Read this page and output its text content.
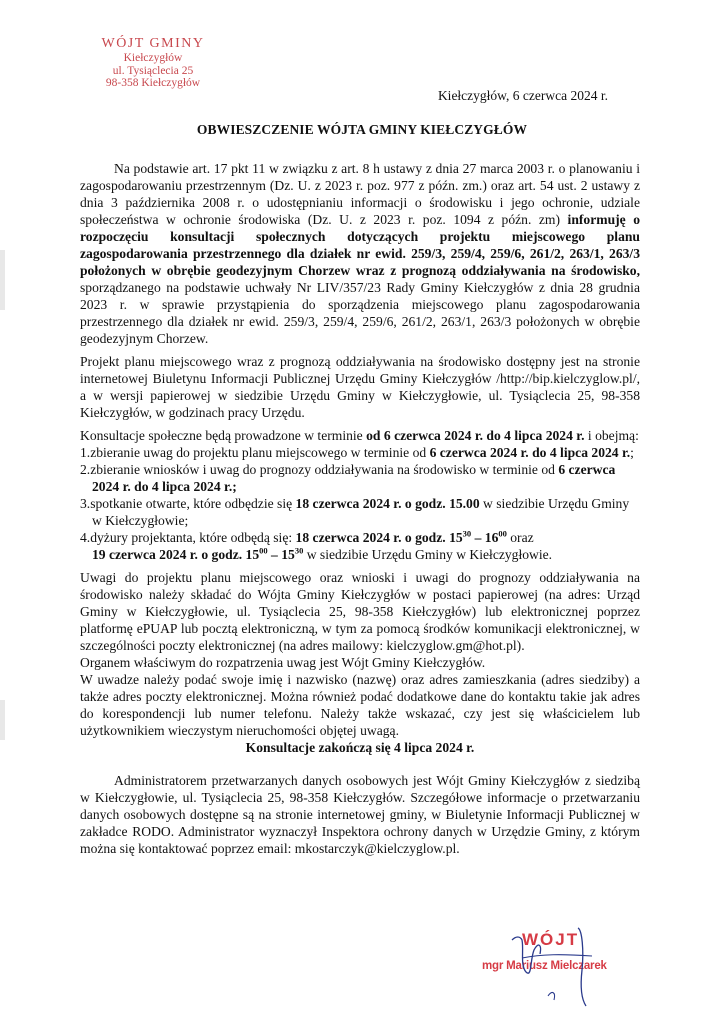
WÓJT GMINY
Kiełczygłów
ul. Tysiąclecia 25
98-358 Kiełczygłów
Kiełczygłów, 6 czerwca 2024 r.
OBWIESZCZENIE WÓJTA GMINY KIEŁCZYGŁÓW

Na podstawie art. 17 pkt 11 w związku z art. 8 h ustawy z dnia 27 marca 2003 r. o planowaniu i zagospodarowaniu przestrzennym (Dz. U. z 2023 r. poz. 977 z późn. zm.) oraz art. 54 ust. 2 ustawy z dnia 3 października 2008 r. o udostępnianiu informacji o środowisku i jego ochronie, udziale społeczeństwa w ochronie środowiska (Dz. U. z 2023 r. poz. 1094 z późn. zm) informuję o rozpoczęciu konsultacji społecznych dotyczących projektu miejscowego planu zagospodarowania przestrzennego dla działek nr ewid. 259/3, 259/4, 259/6, 261/2, 263/1, 263/3 położonych w obrębie geodezyjnym Chorzew wraz z prognozą oddziaływania na środowisko, sporządzanego na podstawie uchwały Nr LIV/357/23 Rady Gminy Kiełczygłów z dnia 28 grudnia 2023 r. w sprawie przystąpienia do sporządzenia miejscowego planu zagospodarowania przestrzennego dla działek nr ewid. 259/3, 259/4, 259/6, 261/2, 263/1, 263/3 położonych w obrębie geodezyjnym Chorzew.

Projekt planu miejscowego wraz z prognozą oddziaływania na środowisko dostępny jest na stronie internetowej Biuletynu Informacji Publicznej Urzędu Gminy Kiełczygłów /http://bip.kielczyglow.pl/, a w wersji papierowej w siedzibie Urzędu Gminy w Kiełczygłowie, ul. Tysiąclecia 25, 98-358 Kiełczygłów, w godzinach pracy Urzędu.

Konsultacje społeczne będą prowadzone w terminie od 6 czerwca 2024 r. do 4 lipca 2024 r. i obejmą:

1.zbieranie uwag do projektu planu miejscowego w terminie od 6 czerwca 2024 r. do 4 lipca 2024 r.;
2.zbieranie wniosków i uwag do prognozy oddziaływania na środowisko w terminie od 6 czerwca 2024 r. do 4 lipca 2024 r.;
3.spotkanie otwarte, które odbędzie się 18 czerwca 2024 r. o godz. 15.00 w siedzibie Urzędu Gminy w Kiełczygłowie;
4.dyżury projektanta, które odbędą się: 18 czerwca 2024 r. o godz. $15^{30} - 16^{00}$ oraz
19 czerwca 2024 r. o godz. $15^{00} - 15^{30}$ w siedzibie Urzędu Gminy w Kiełczygłowie.

Uwagi do projektu planu miejscowego oraz wnioski i uwagi do prognozy oddziaływania na środowisko należy składać do Wójta Gminy Kiełczygłów w postaci papierowej (na adres: Urząd Gminy w Kiełczygłowie, ul. Tysiąclecia 25, 98-358 Kiełczygłów) lub elektronicznej poprzez platformę ePUAP lub pocztą elektroniczną, w tym za pomocą środków komunikacji elektronicznej, w szczególności poczty elektronicznej (na adres mailowy: kielczyglow.gm@hot.pl).

Organem właściwym do rozpatrzenia uwag jest Wójt Gminy Kiełczygłów.

W uwadze należy podać swoje imię i nazwisko (nazwę) oraz adres zamieszkania (adres siedziby) a także adres poczty elektronicznej. Można również podać dodatkowe dane do kontaktu takie jak adres do korespondencji lub numer telefonu. Należy także wskazać, czy jest się właścicielem lub użytkownikiem wieczystym nieruchomości objętej uwagą.

Konsultacje zakończą się 4 lipca 2024 r.

Administratorem przetwarzanych danych osobowych jest Wójt Gminy Kiełczygłów z siedzibą w Kiełczygłowie, ul. Tysiąclecia 25, 98-358 Kiełczygłów. Szczegółowe informacje o przetwarzaniu danych osobowych dostępne są na stronie internetowej gminy, w Biuletynie Informacji Publicznej w zakładce RODO. Administrator wyznaczył Inspektora ochrony danych w Urzędzie Gminy, z którym można się kontaktować poprzez email: mkostarczyk@kielczyglow.pl.

WÓJT
mgr Mariusz Mielczarek
